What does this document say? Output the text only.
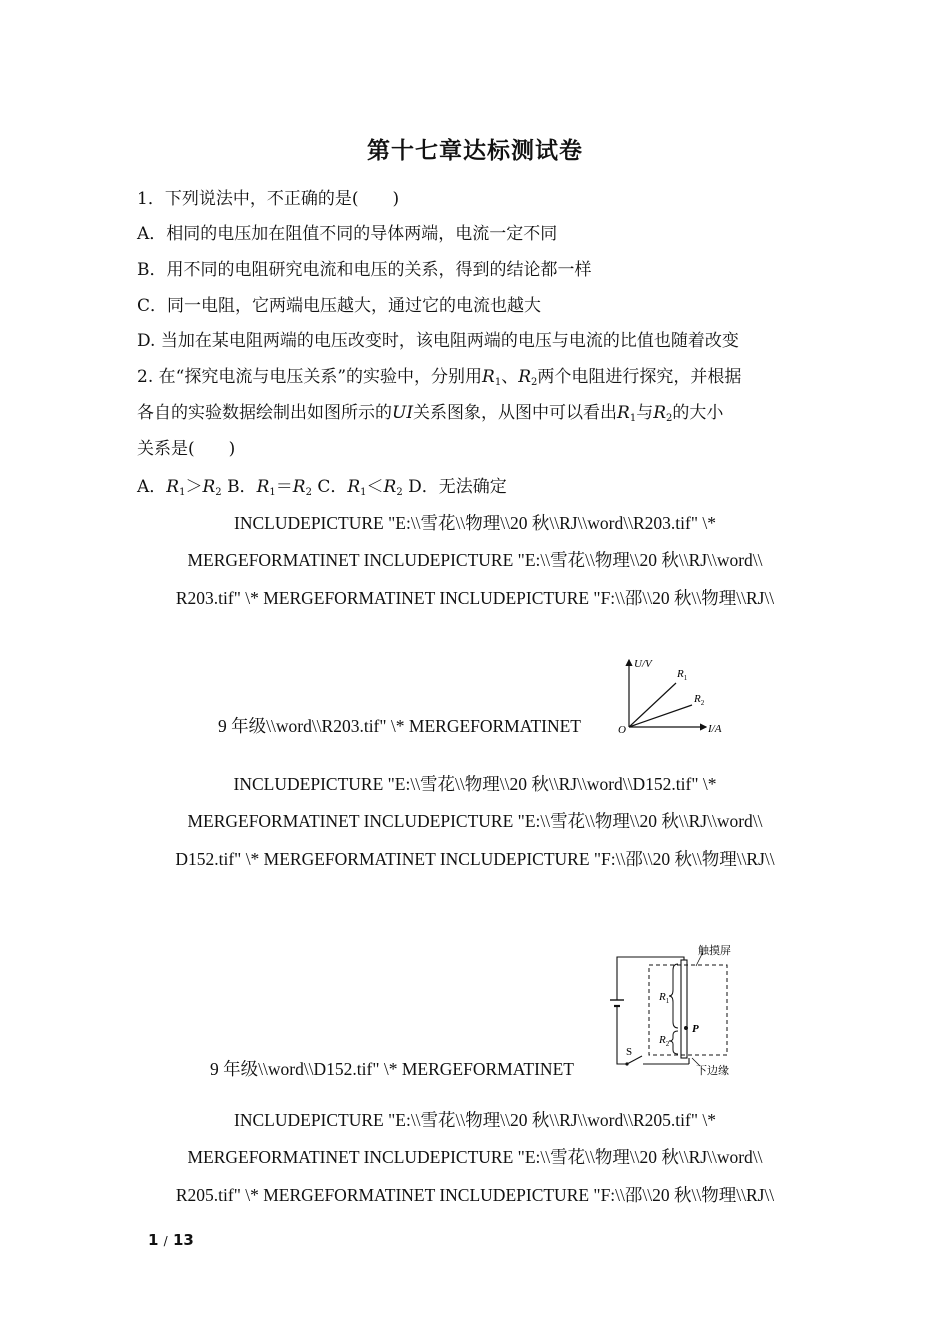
第十七章达标测试卷
1．下列说法中，不正确的是(　　)
A．相同的电压加在阻值不同的导体两端，电流一定不同
B．用不同的电阻研究电流和电压的关系，得到的结论都一样
C．同一电阻，它两端电压越大，通过它的电流也越大
D. 当加在某电阻两端的电压改变时，该电阻两端的电压与电流的比值也随着改变
2. 在“探究电流与电压关系”的实验中，分别用$R_1$、$R_2$两个电阻进行探究，并根据
各自的实验数据绘制出如图所示的UI关系图象，从图中可以看出$R_1$与$R_2$的大小
关系是(　　)
A．$R_1>R_2$ B．$R_1=R_2$ C．$R_1<R_2$ D．无法确定
INCLUDEPICTURE "E:\\雪花\\物理\\20 秋\\RJ\\word\\R203.tif" \*
MERGEFORMATINET INCLUDEPICTURE "E:\\雪花\\物理\\20 秋\\RJ\\word\\
R203.tif" \* MERGEFORMATINET INCLUDEPICTURE "F:\\邵\\20 秋\\物理\\RJ\\
9 年级\\word\\R203.tif" \* MERGEFORMATINET
U/V
I/A
O
$R_1$
$R_2$
INCLUDEPICTURE "E:\\雪花\\物理\\20 秋\\RJ\\word\\D152.tif" \*
MERGEFORMATINET INCLUDEPICTURE "E:\\雪花\\物理\\20 秋\\RJ\\word\\
D152.tif" \* MERGEFORMATINET INCLUDEPICTURE "F:\\邵\\20 秋\\物理\\RJ\\
9 年级\\word\\D152.tif" \* MERGEFORMATINET
触摸屏
下边缘
$R_1$
$R_2$
P
S
INCLUDEPICTURE "E:\\雪花\\物理\\20 秋\\RJ\\word\\R205.tif" \*
MERGEFORMATINET INCLUDEPICTURE "E:\\雪花\\物理\\20 秋\\RJ\\word\\
R205.tif" \* MERGEFORMATINET INCLUDEPICTURE "F:\\邵\\20 秋\\物理\\RJ\\
1 / 13
